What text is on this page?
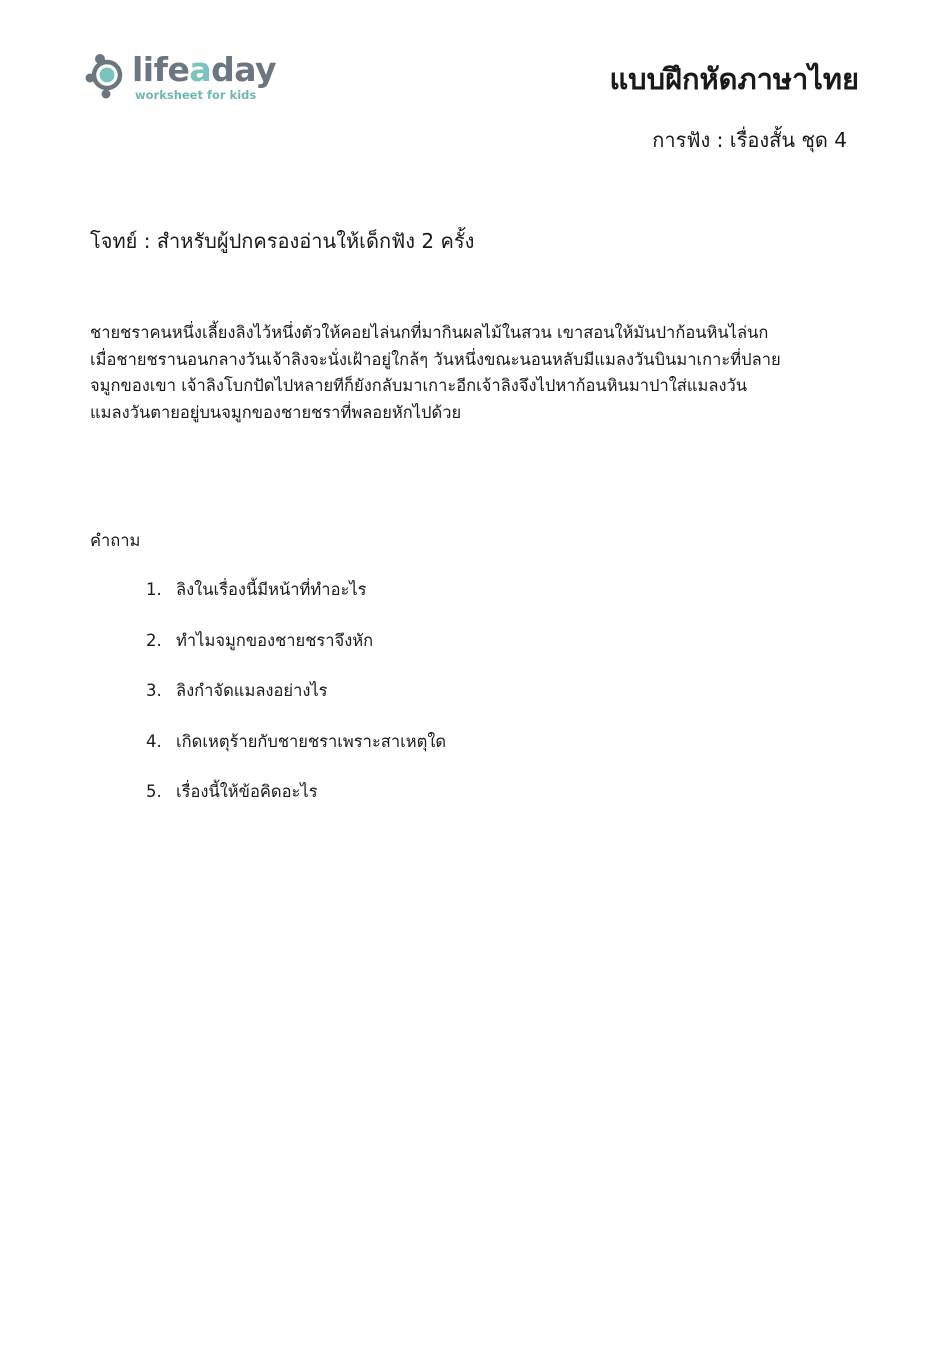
lifeaday
worksheet for kids	แบบฝึกหัดภาษาไทย
การฟัง : เรื่องสั้น ชุด 4
โจทย์ : สำหรับผู้ปกครองอ่านให้เด็กฟัง 2 ครั้ง
ชายชราคนหนึ่งเลี้ยงลิงไว้หนึ่งตัวให้คอยไล่นกที่มากินผลไม้ในสวน เขาสอนให้มันปาก้อนหินไล่นก
เมื่อชายชรานอนกลางวันเจ้าลิงจะนั่งเฝ้าอยู่ใกล้ๆ วันหนึ่งขณะนอนหลับมีแมลงวันบินมาเกาะที่ปลาย
จมูกของเขา เจ้าลิงโบกปัดไปหลายทีก็ยังกลับมาเกาะอีกเจ้าลิงจึงไปหาก้อนหินมาปาใส่แมลงวัน
แมลงวันตายอยู่บนจมูกของชายชราที่พลอยหักไปด้วย
คำถาม
1. ลิงในเรื่องนี้มีหน้าที่ทำอะไร
2. ทำไมจมูกของชายชราจึงหัก
3. ลิงกำจัดแมลงอย่างไร
4. เกิดเหตุร้ายกับชายชราเพราะสาเหตุใด
5. เรื่องนี้ให้ข้อคิดอะไร
